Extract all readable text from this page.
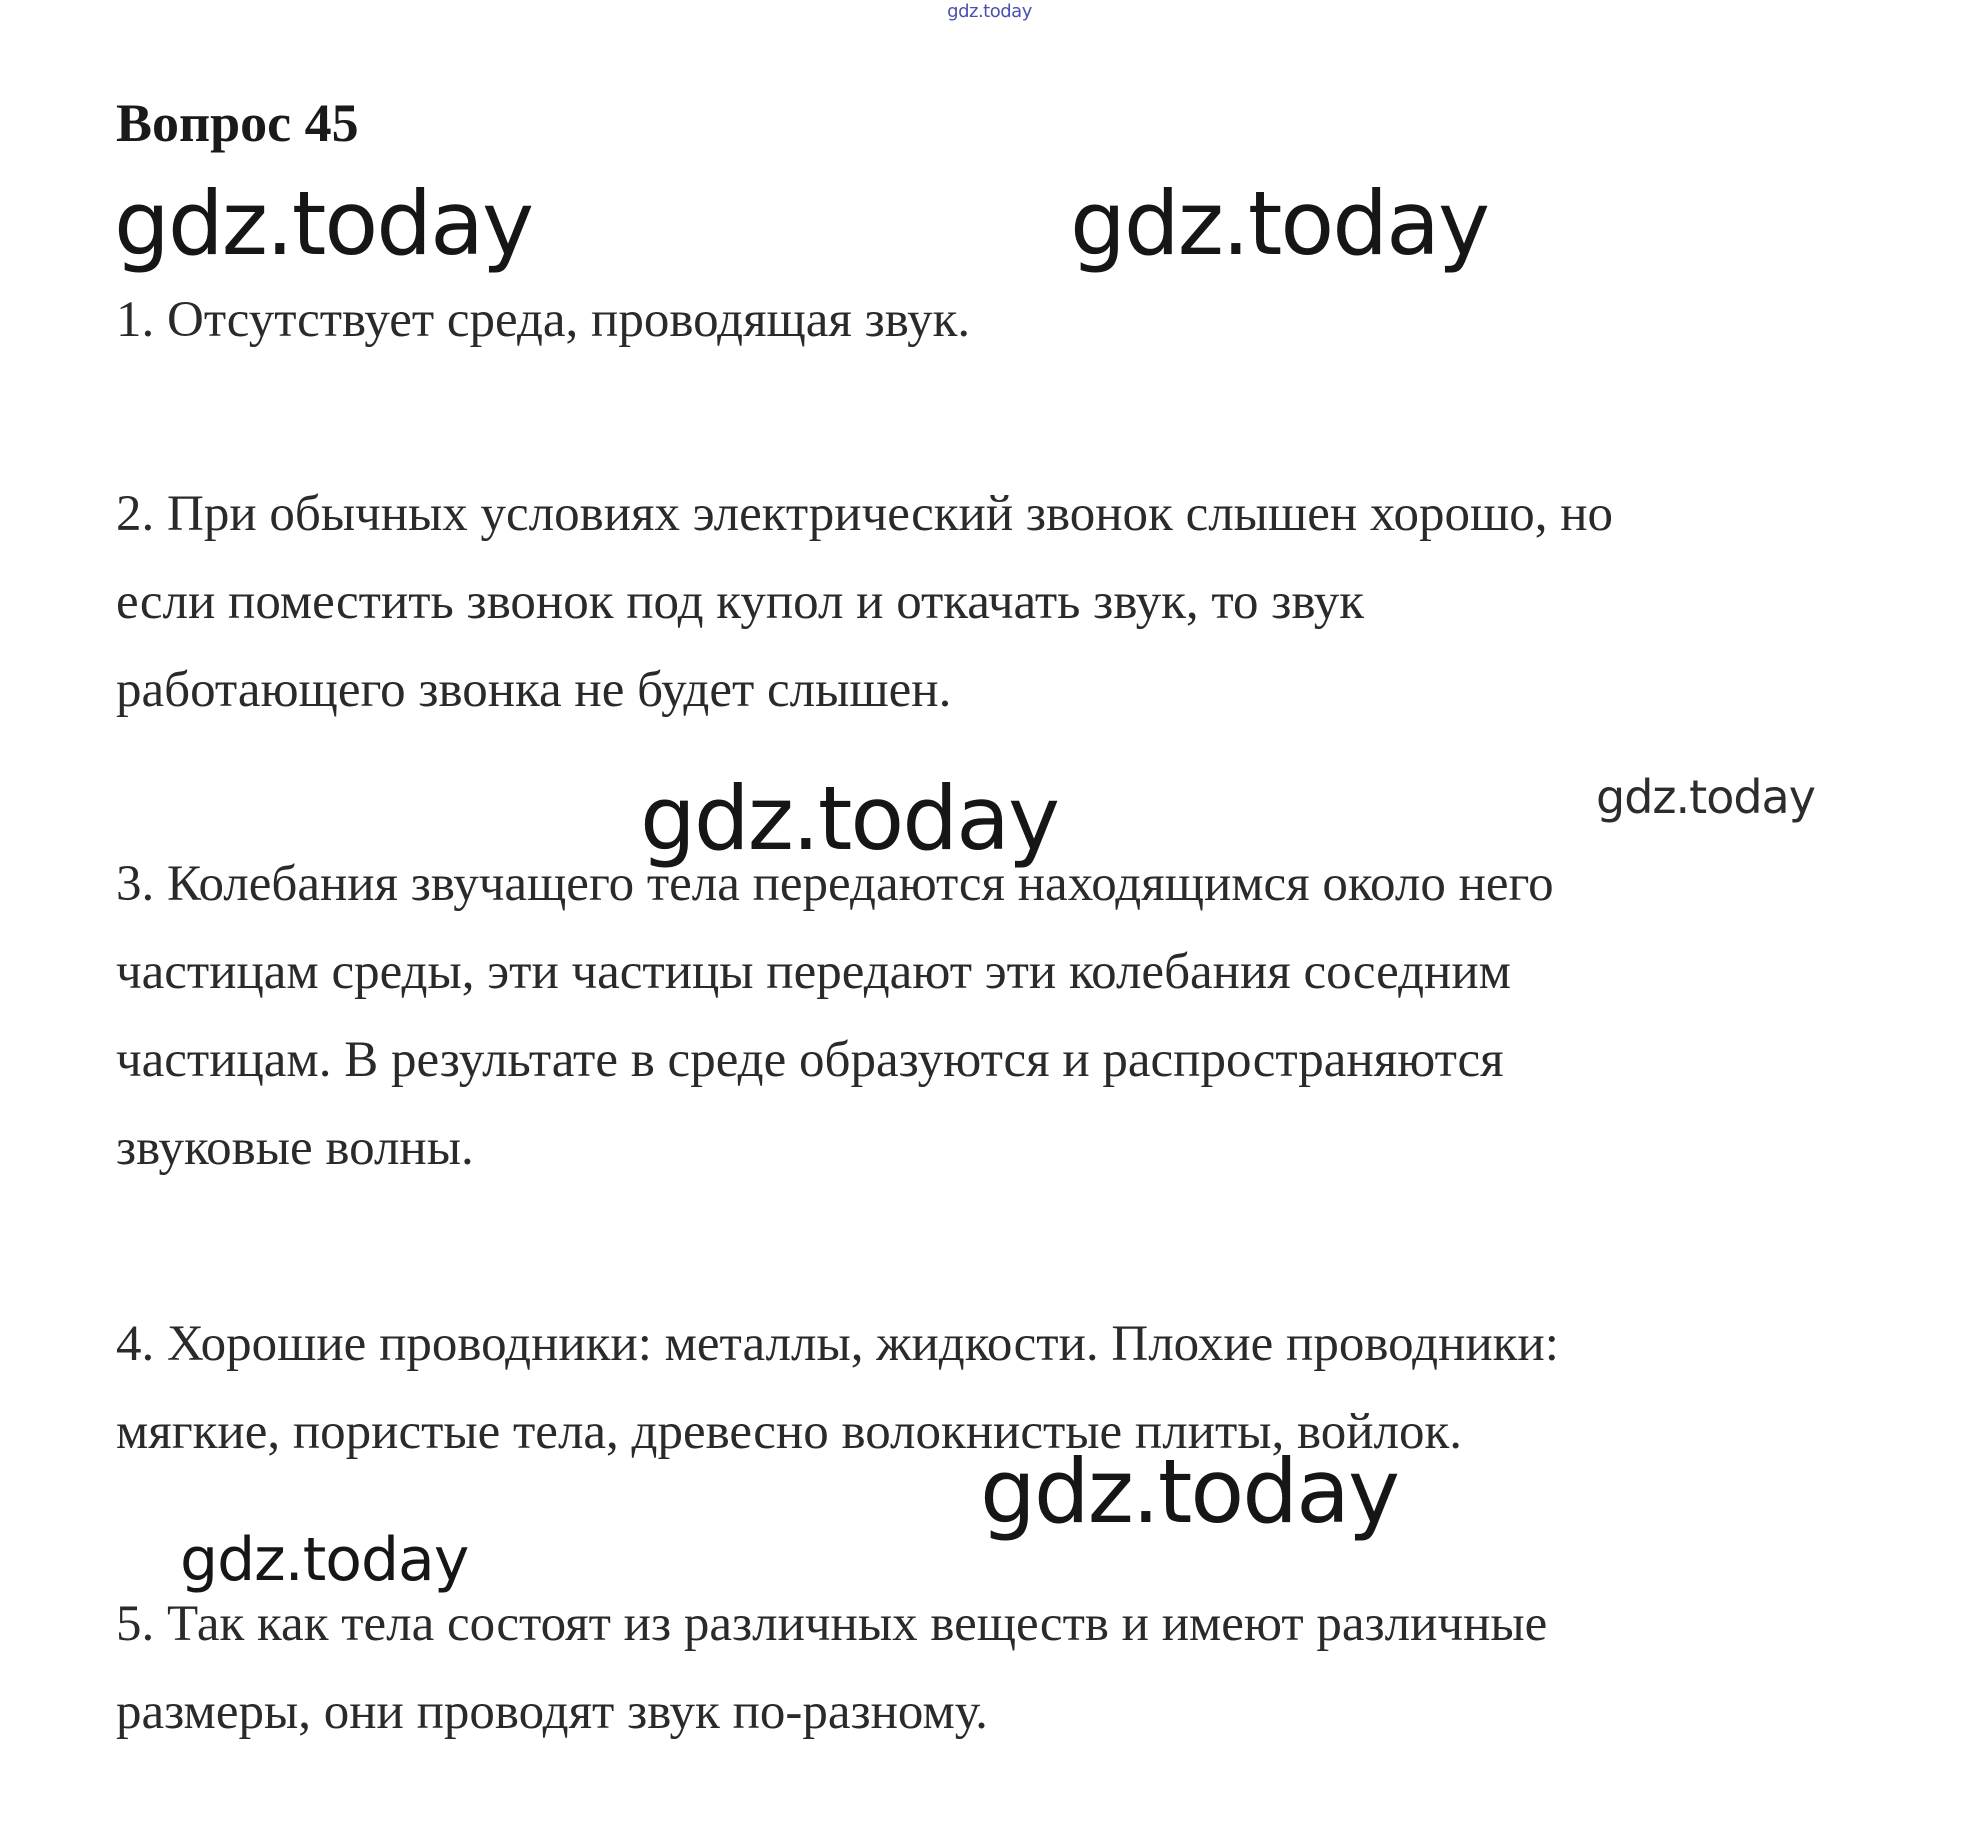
gdz.today
Вопрос 45

1. Отсутствует среда, проводящая звук.

2. При обычных условиях электрический звонок слышен хорошо, но
если поместить звонок под купол и откачать звук, то звук
работающего звонка не будет слышен.

3. Колебания звучащего тела передаются находящимся около него
частицам среды, эти частицы передают эти колебания соседним
частицам. В результате в среде образуются и распространяются
звуковые волны.

4. Хорошие проводники: металлы, жидкости. Плохие проводники:
мягкие, пористые тела, древесно волокнистые плиты, войлок.

5. Так как тела состоят из различных веществ и имеют различные
размеры, они проводят звук по-разному.

gdz.today	gdz.today
gdz.today	gdz.today
gdz.today
gdz.today
